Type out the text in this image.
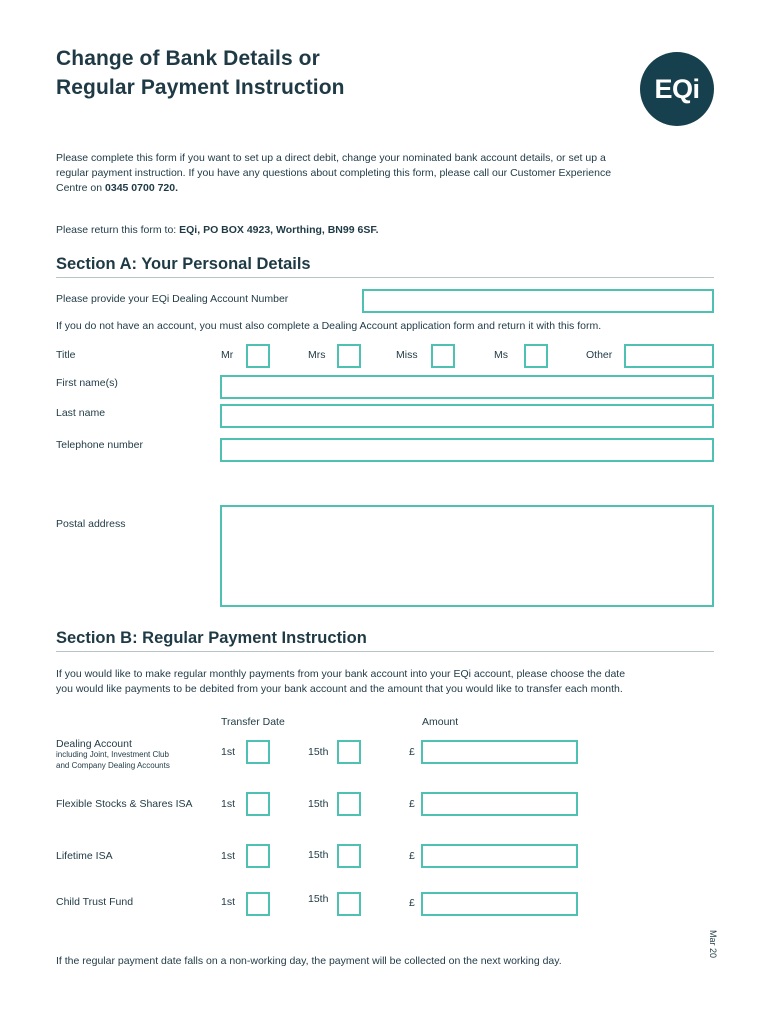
Change of Bank Details or
Regular Payment Instruction	EQi
Please complete this form if you want to set up a direct debit, change your nominated bank account details, or set up a
regular payment instruction. If you have any questions about completing this form, please call our Customer Experience
Centre on 0345 0700 720.
Please return this form to: EQi, PO BOX 4923, Worthing, BN99 6SF.
Section A: Your Personal Details
Please provide your EQi Dealing Account Number
If you do not have an account, you must also complete a Dealing Account application form and return it with this form.
Title	Mr	Mrs	Miss	Ms	Other
First name(s)
Last name
Telephone number
Postal address
Section B: Regular Payment Instruction
If you would like to make regular monthly payments from your bank account into your EQi account, please choose the date
you would like payments to be debited from your bank account and the amount that you would like to transfer each month.
Transfer Date	Amount
Dealing Account
including Joint, Investment Club
and Company Dealing Accounts
1st	15th	£
Flexible Stocks & Shares ISA	1st	15th	£
Lifetime ISA	1st	15th	£
Child Trust Fund	1st	15th	£
If the regular payment date falls on a non-working day, the payment will be collected on the next working day.
Mar 20
